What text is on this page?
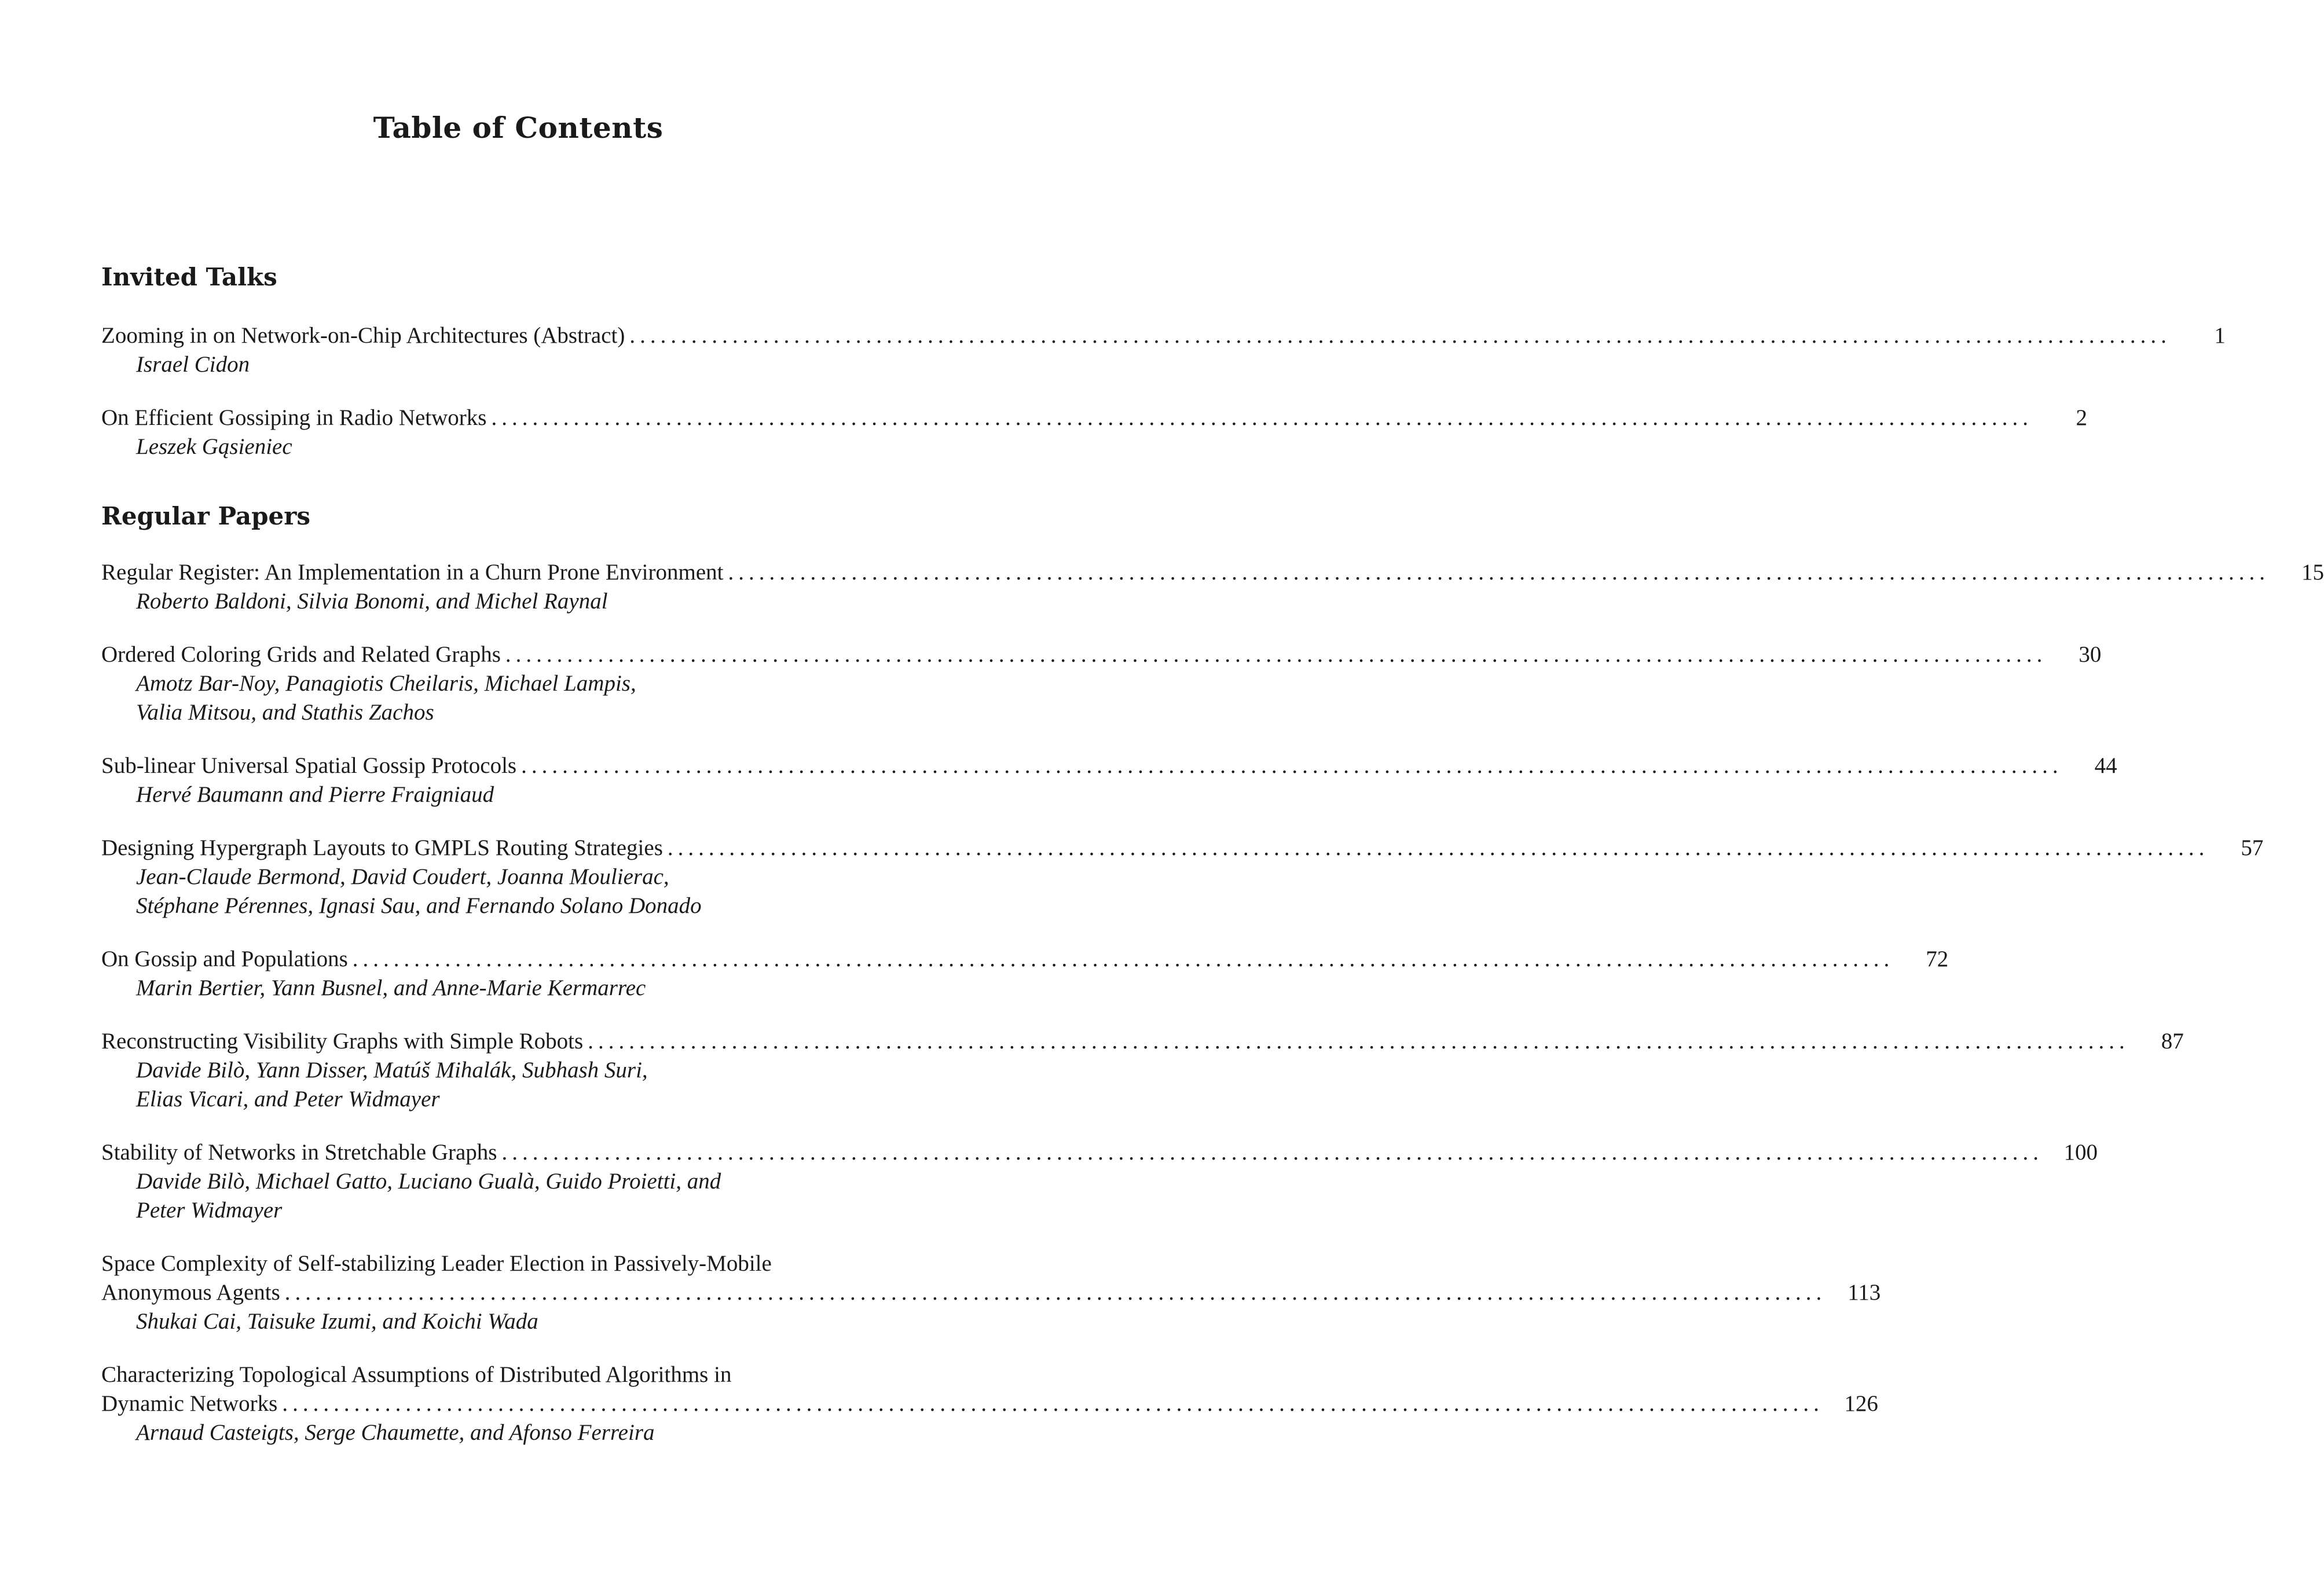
Table of Contents
Invited Talks
Zooming in on Network-on-Chip Architectures (Abstract) ......................................................................................................................................................	1
Israel Cidon
On Efficient Gossiping in Radio Networks ......................................................................................................................................................	2
Leszek Gąsieniec
Regular Papers
Regular Register: An Implementation in a Churn Prone Environment ......................................................................................................................................................	15
Roberto Baldoni, Silvia Bonomi, and Michel Raynal
Ordered Coloring Grids and Related Graphs ......................................................................................................................................................	30
Amotz Bar-Noy, Panagiotis Cheilaris, Michael Lampis,
Valia Mitsou, and Stathis Zachos
Sub-linear Universal Spatial Gossip Protocols ......................................................................................................................................................	44
Hervé Baumann and Pierre Fraigniaud
Designing Hypergraph Layouts to GMPLS Routing Strategies ......................................................................................................................................................	57
Jean-Claude Bermond, David Coudert, Joanna Moulierac,
Stéphane Pérennes, Ignasi Sau, and Fernando Solano Donado
On Gossip and Populations ......................................................................................................................................................	72
Marin Bertier, Yann Busnel, and Anne-Marie Kermarrec
Reconstructing Visibility Graphs with Simple Robots ......................................................................................................................................................	87
Davide Bilò, Yann Disser, Matúš Mihalák, Subhash Suri,
Elias Vicari, and Peter Widmayer
Stability of Networks in Stretchable Graphs ...................................................................................................................................................... 100
Davide Bilò, Michael Gatto, Luciano Gualà, Guido Proietti, and
Peter Widmayer
Space Complexity of Self-stabilizing Leader Election in Passively-Mobile
Anonymous Agents ...................................................................................................................................................... 113
Shukai Cai, Taisuke Izumi, and Koichi Wada
Characterizing Topological Assumptions of Distributed Algorithms in
Dynamic Networks ...................................................................................................................................................... 126
Arnaud Casteigts, Serge Chaumette, and Afonso Ferreira
